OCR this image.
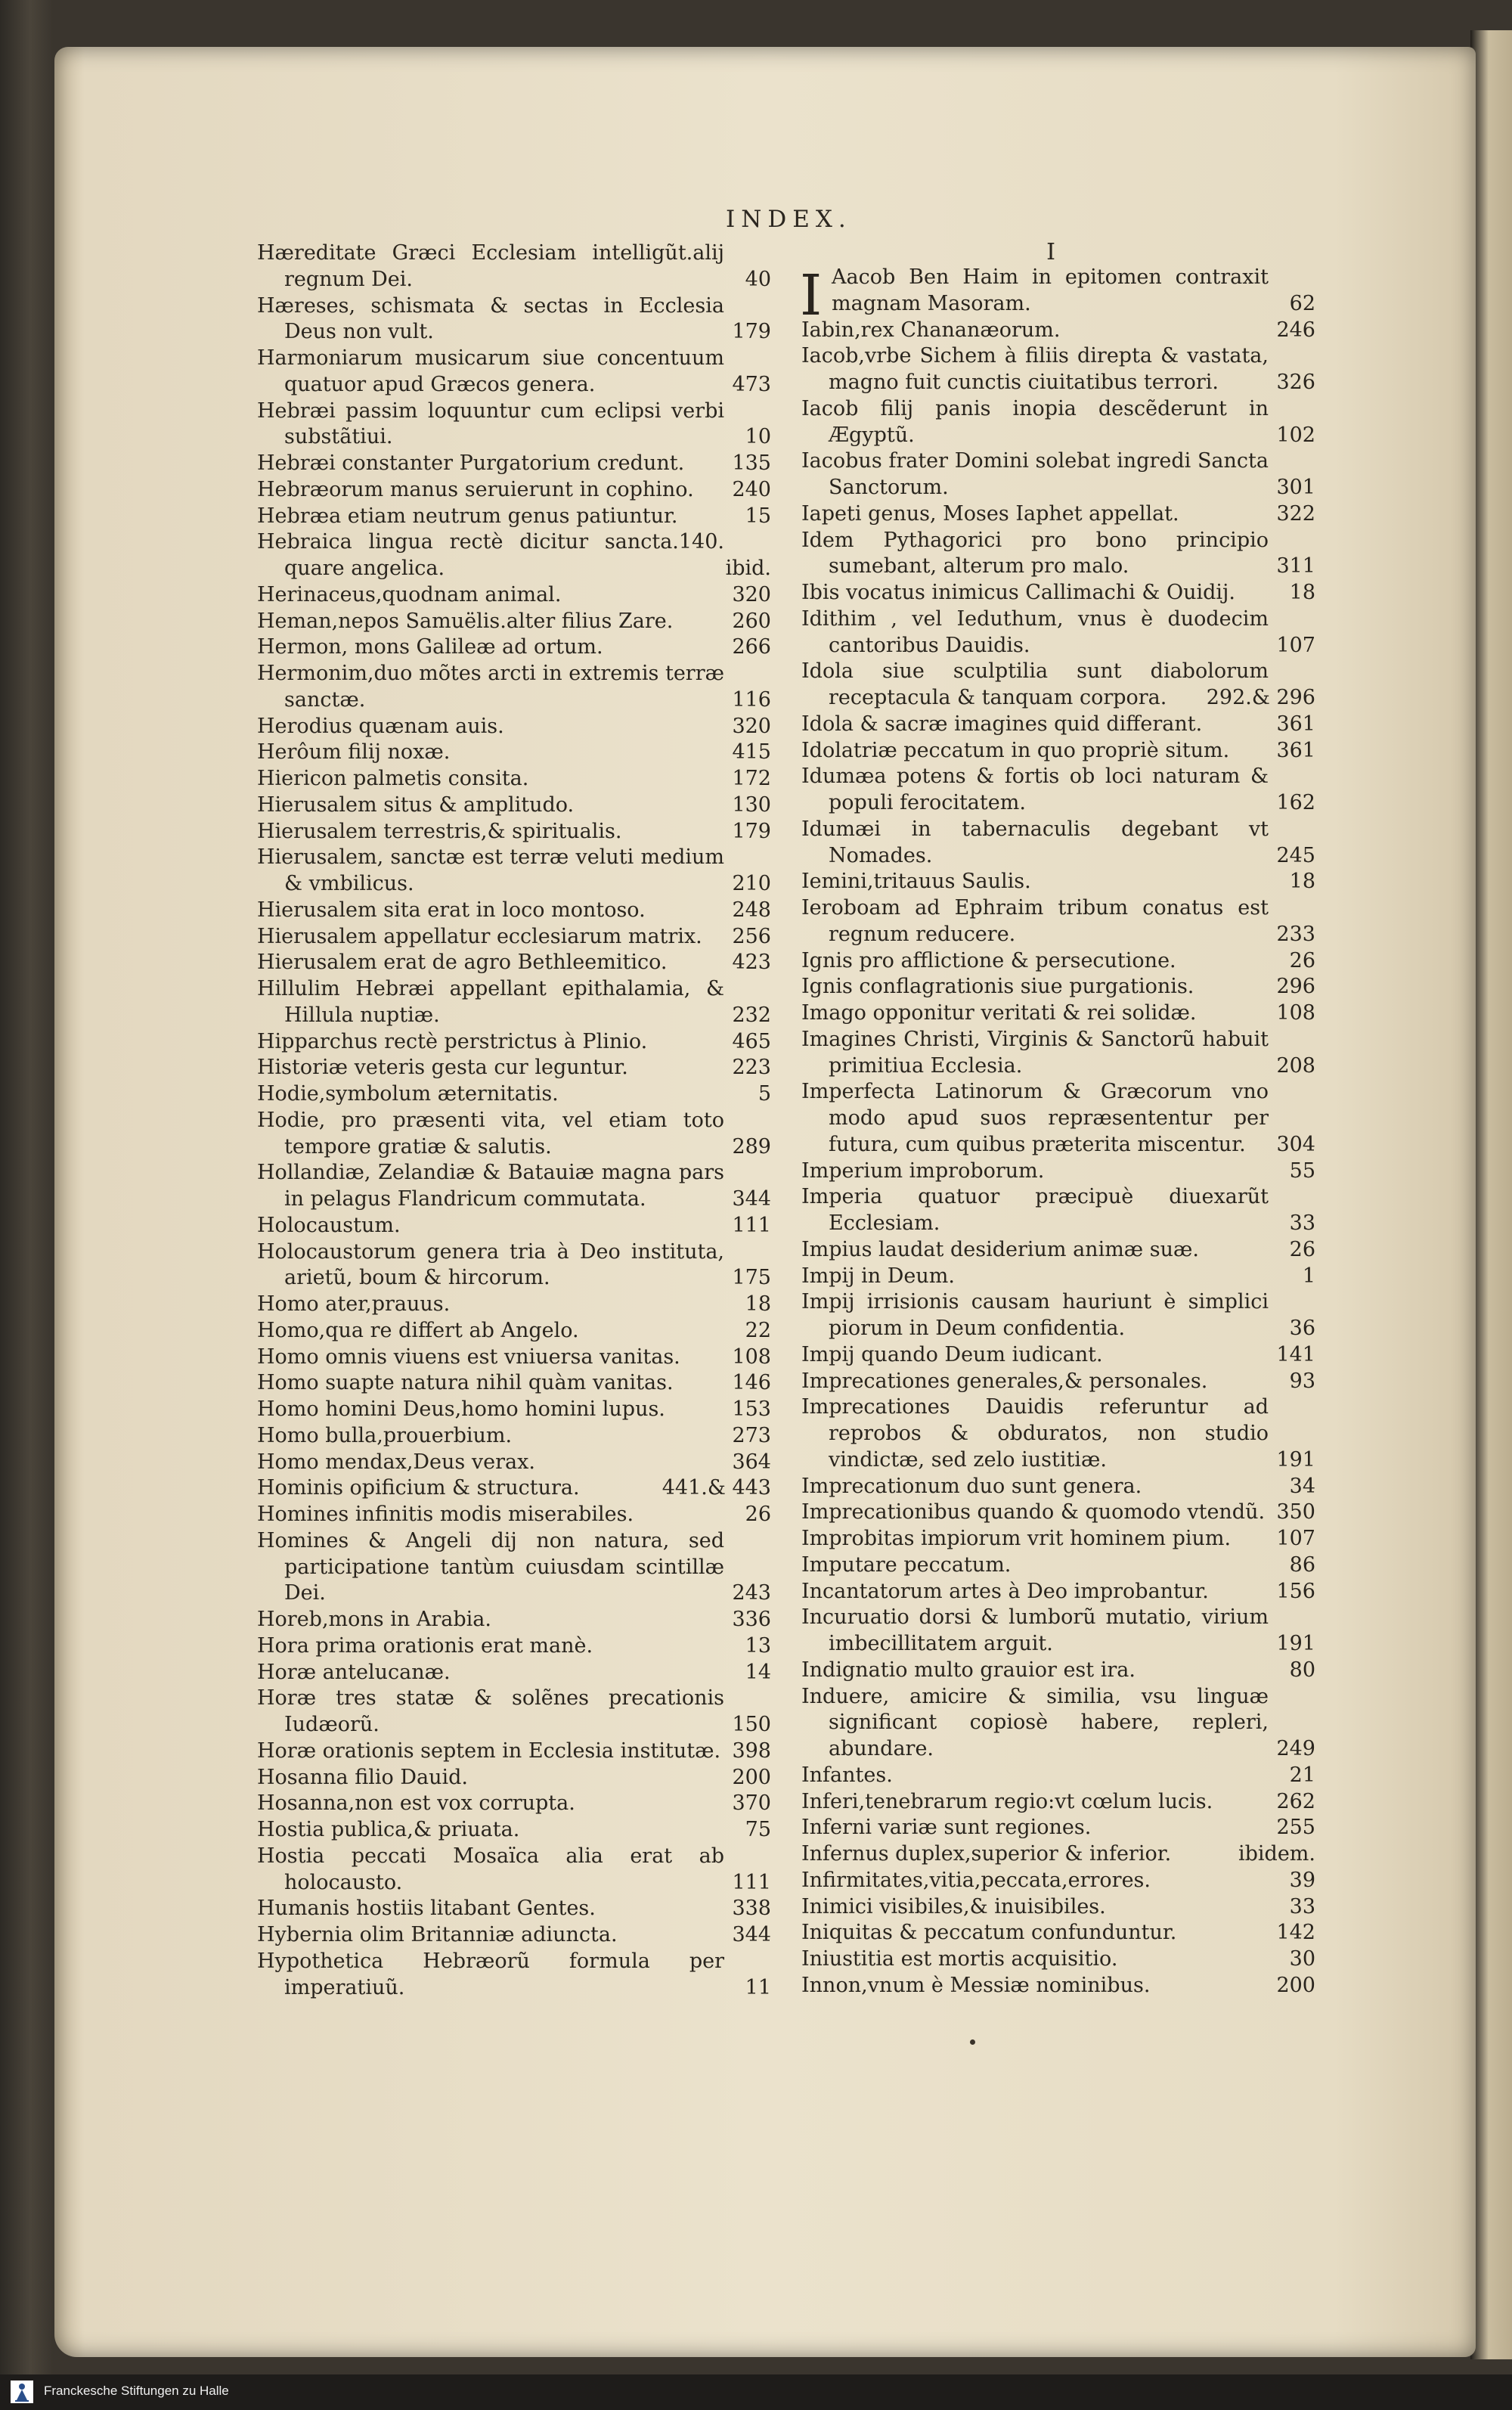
INDEX.
Hæreditate Græci Ecclesiam intelligũt.alij regnum Dei.	40
Hæreses, schismata & sectas in Ecclesia Deus non vult.	179
Harmoniarum musicarum siue concentuum quatuor apud Græcos genera.	473
Hebræi passim loquuntur cum eclipsi verbi substãtiui.	10
Hebræi constanter Purgatorium credunt.	135
Hebræorum manus seruierunt in cophino.	240
Hebræa etiam neutrum genus patiuntur.	15
Hebraica lingua rectè dicitur sancta.140. quare angelica.	ibid.
Herinaceus,quodnam animal.	320
Heman,nepos Samuëlis.alter filius Zare.	260
Hermon, mons Galileæ ad ortum.	266
Hermonim,duo mõtes arcti in extremis terræ sanctæ.	116
Herodius quænam auis.	320
Herôum filij noxæ.	415
Hiericon palmetis consita.	172
Hierusalem situs & amplitudo.	130
Hierusalem terrestris,& spiritualis.	179
Hierusalem, sanctæ est terræ veluti medium & vmbilicus.	210
Hierusalem sita erat in loco montoso.	248
Hierusalem appellatur ecclesiarum matrix.	256
Hierusalem erat de agro Bethleemitico.	423
Hillulim Hebræi appellant epithalamia, & Hillula nuptiæ.	232
Hipparchus rectè perstrictus à Plinio.	465
Historiæ veteris gesta cur leguntur.	223
Hodie,symbolum æternitatis.	5
Hodie, pro præsenti vita, vel etiam toto tempore gratiæ & salutis.	289
Hollandiæ, Zelandiæ & Batauiæ magna pars in pelagus Flandricum commutata.	344
Holocaustum.	111
Holocaustorum genera tria à Deo instituta, arietũ, boum & hircorum.	175
Homo ater,prauus.	18
Homo,qua re differt ab Angelo.	22
Homo omnis viuens est vniuersa vanitas.	108
Homo suapte natura nihil quàm vanitas.	146
Homo homini Deus,homo homini lupus.	153
Homo bulla,prouerbium.	273
Homo mendax,Deus verax.	364
Hominis opificium & structura.	441.& 443
Homines infinitis modis miserabiles.	26
Homines & Angeli dij non natura, sed participatione tantùm cuiusdam scintillæ Dei.	243
Horeb,mons in Arabia.	336
Hora prima orationis erat manè.	13
Horæ antelucanæ.	14
Horæ tres statæ & solẽnes precationis Iudæorũ.	150
Horæ orationis septem in Ecclesia institutæ. 398
Hosanna filio Dauid.	200
Hosanna,non est vox corrupta.	370
Hostia publica,& priuata.	75
Hostia peccati Mosaïca alia erat ab holocausto.	111
Humanis hostiis litabant Gentes.	338
Hybernia olim Britanniæ adiuncta.	344
Hypothetica Hebræorũ formula per imperatiuũ.	11
I
I Aacob Ben Haim in epitomen contraxit magnam Masoram.	62
Iabin,rex Chananæorum.	246
Iacob,vrbe Sichem à filiis direpta & vastata, magno fuit cunctis ciuitatibus terrori.	326
Iacob filij panis inopia descẽderunt in Ægyptũ.	102
Iacobus frater Domini solebat ingredi Sancta Sanctorum.	301
Iapeti genus, Moses Iaphet appellat.	322
Idem Pythagorici pro bono principio sumebant, alterum pro malo.	311
Ibis vocatus inimicus Callimachi & Ouidij.	18
Idithim , vel Ieduthum, vnus è duodecim cantoribus Dauidis.	107
Idola siue sculptilia sunt diabolorum receptacula & tanquam corpora.	292.& 296
Idola & sacræ imagines quid differant.	361
Idolatriæ peccatum in quo propriè situm.	361
Idumæa potens & fortis ob loci naturam & populi ferocitatem.	162
Idumæi in tabernaculis degebant vt Nomades.	245
Iemini,tritauus Saulis.	18
Ieroboam ad Ephraim tribum conatus est regnum reducere.	233
Ignis pro afflictione & persecutione.	26
Ignis conflagrationis siue purgationis.	296
Imago opponitur veritati & rei solidæ.	108
Imagines Christi, Virginis & Sanctorũ habuit primitiua Ecclesia.	208
Imperfecta Latinorum & Græcorum vno modo apud suos repræsententur per futura, cum quibus præterita miscentur.	304
Imperium improborum.	55
Imperia quatuor præcipuè diuexarũt Ecclesiam.	33
Impius laudat desiderium animæ suæ.	26
Impij in Deum.	1
Impij irrisionis causam hauriunt è simplici piorum in Deum confidentia.	36
Impij quando Deum iudicant.	141
Imprecationes generales,& personales.	93
Imprecationes Dauidis referuntur ad reprobos & obduratos, non studio vindictæ, sed zelo iustitiæ.	191
Imprecationum duo sunt genera.	34
Imprecationibus quando & quomodo vtendũ. 350
Improbitas impiorum vrit hominem pium.	107
Imputare peccatum.	86
Incantatorum artes à Deo improbantur.	156
Incuruatio dorsi & lumborũ mutatio, virium imbecillitatem arguit.	191
Indignatio multo grauior est ira.	80
Induere, amicire & similia, vsu linguæ significant copiosè habere, repleri, abundare.	249
Infantes.	21
Inferi,tenebrarum regio:vt cœlum lucis.	262
Inferni variæ sunt regiones.	255
Infernus duplex,superior & inferior.	ibidem.
Infirmitates,vitia,peccata,errores.	39
Inimici visibiles,& inuisibiles.	33
Iniquitas & peccatum confunduntur.	142
Iniustitia est mortis acquisitio.	30
Innon,vnum è Messiæ nominibus.	200
Franckesche Stiftungen zu Halle
